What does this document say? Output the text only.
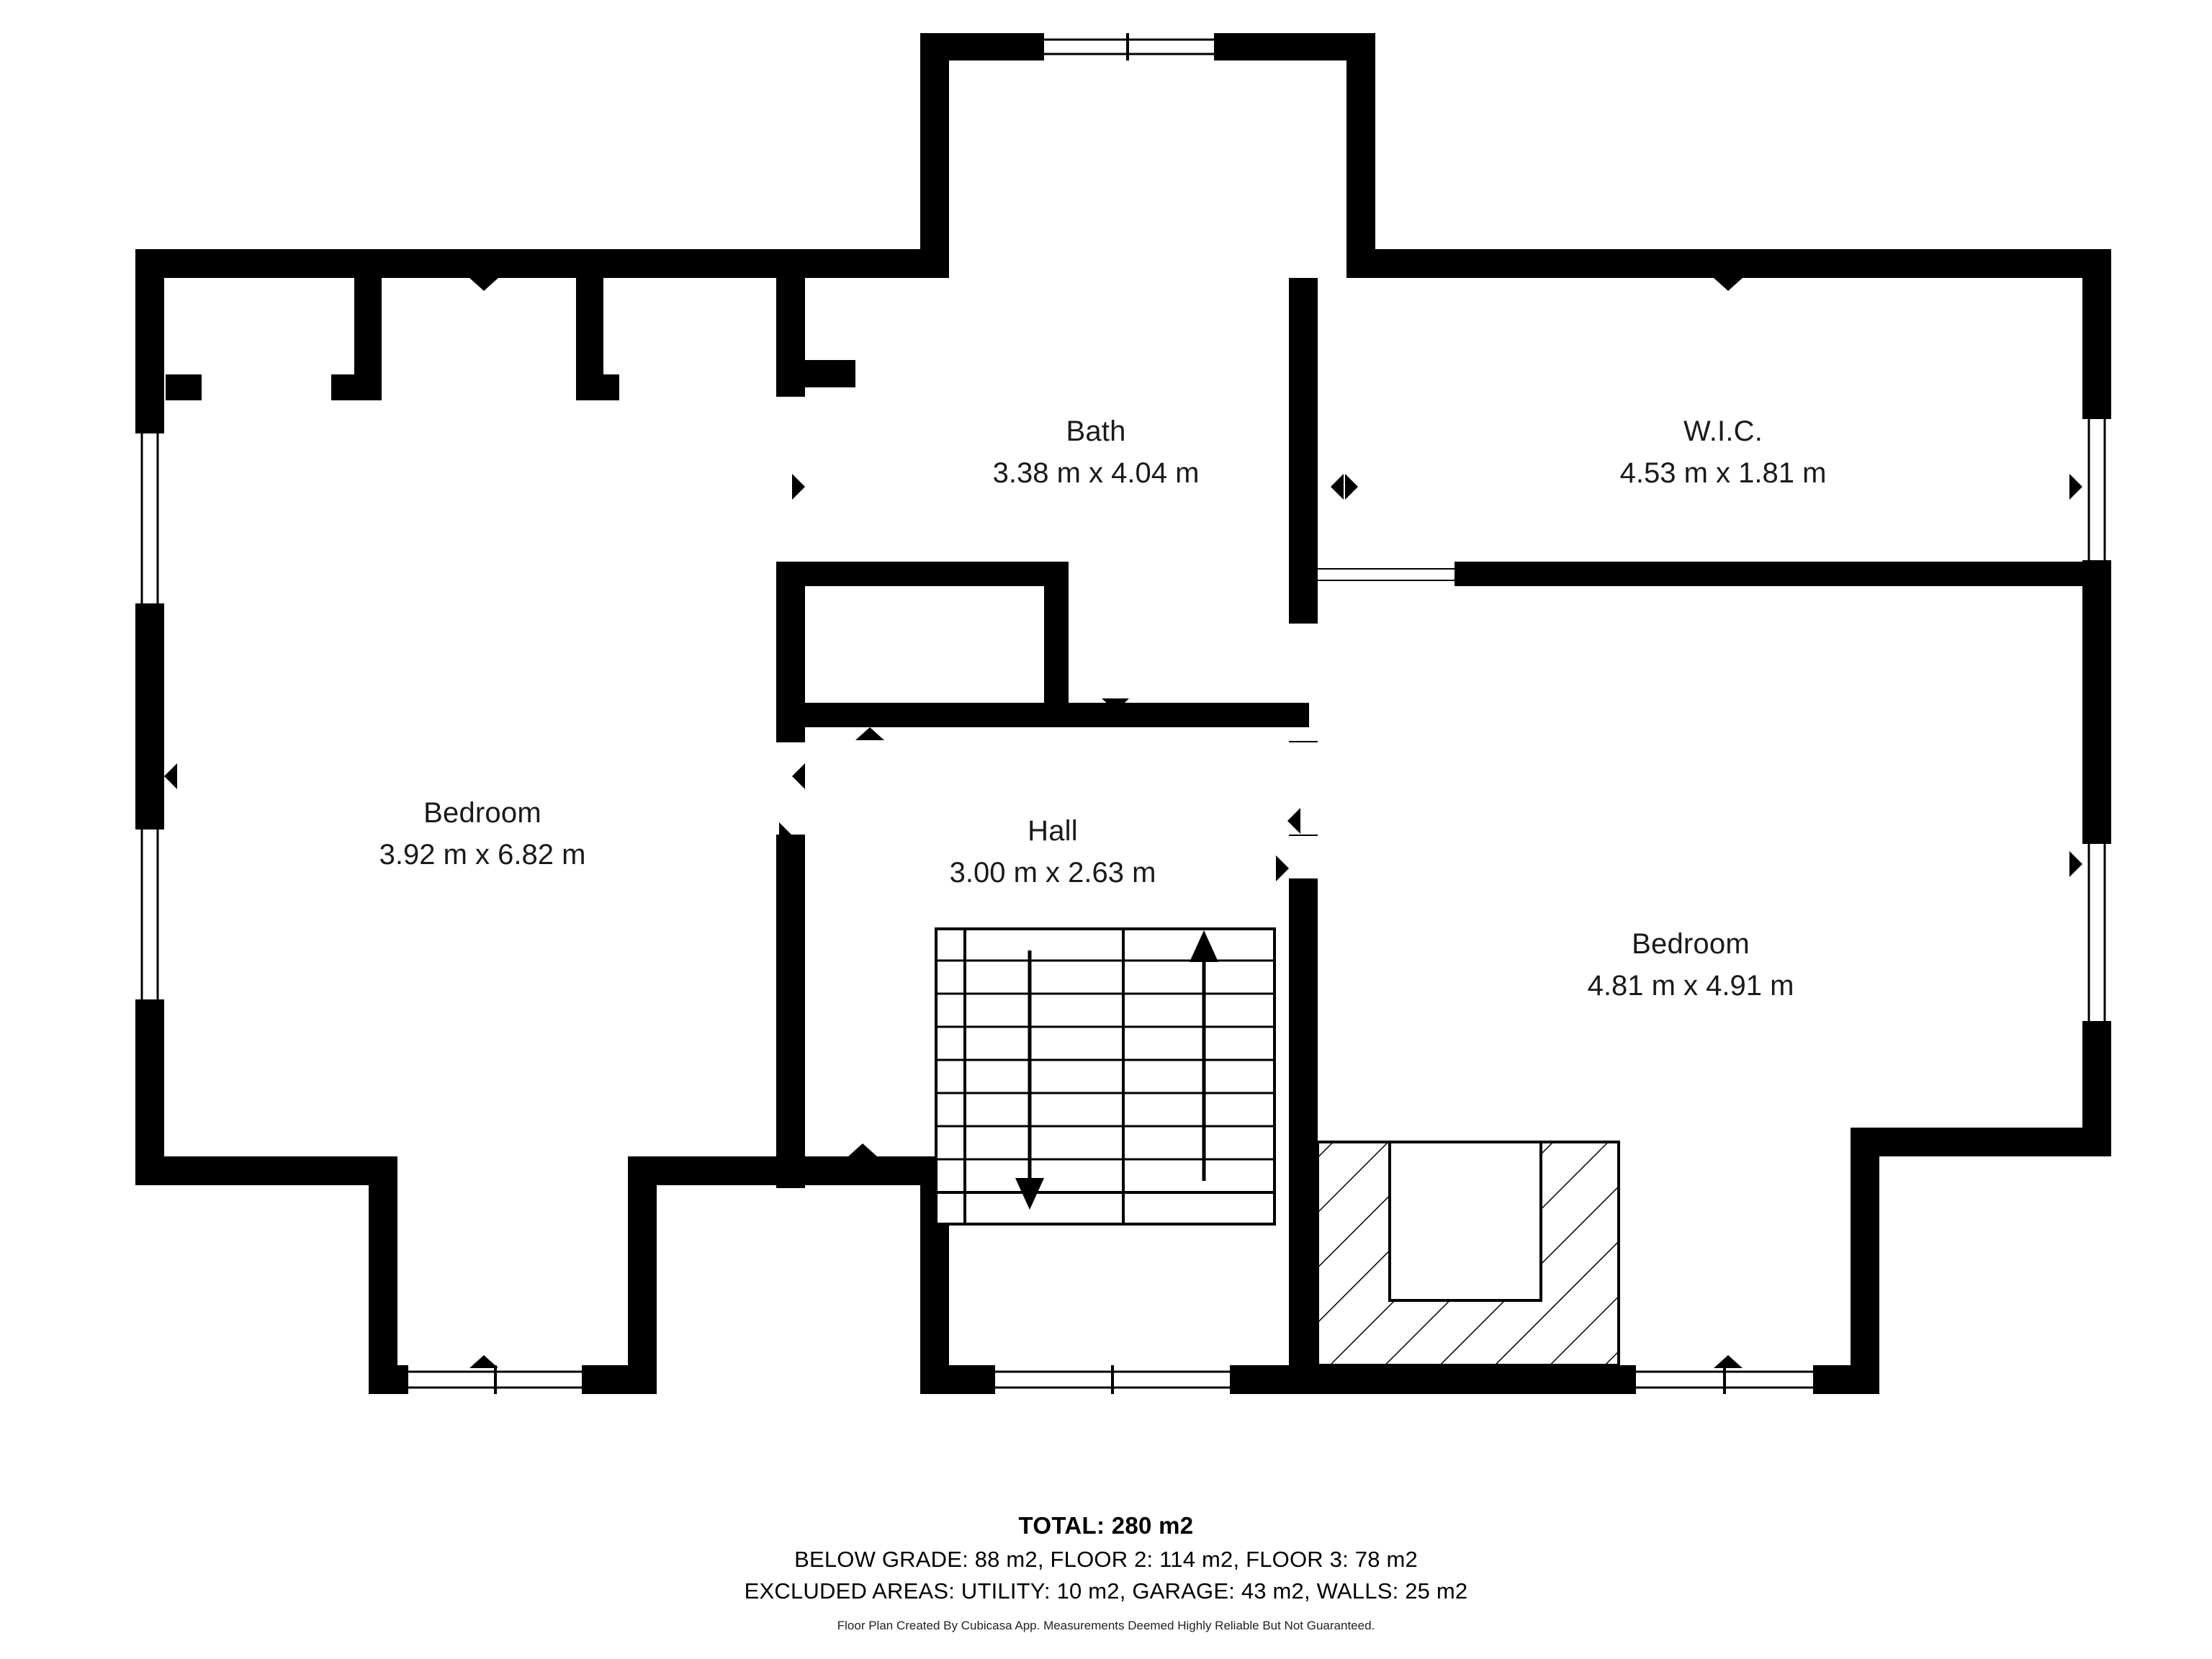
Bath
3.38 m x 4.04 m
W.I.C.
4.53 m x 1.81 m
Bedroom
3.92 m x 6.82 m
Hall
3.00 m x 2.63 m
Bedroom
4.81 m x 4.91 m
TOTAL: 280 m2
BELOW GRADE: 88 m2, FLOOR 2: 114 m2, FLOOR 3: 78 m2
EXCLUDED AREAS: UTILITY: 10 m2, GARAGE: 43 m2, WALLS: 25 m2
Floor Plan Created By Cubicasa App. Measurements Deemed Highly Reliable But Not Guaranteed.
